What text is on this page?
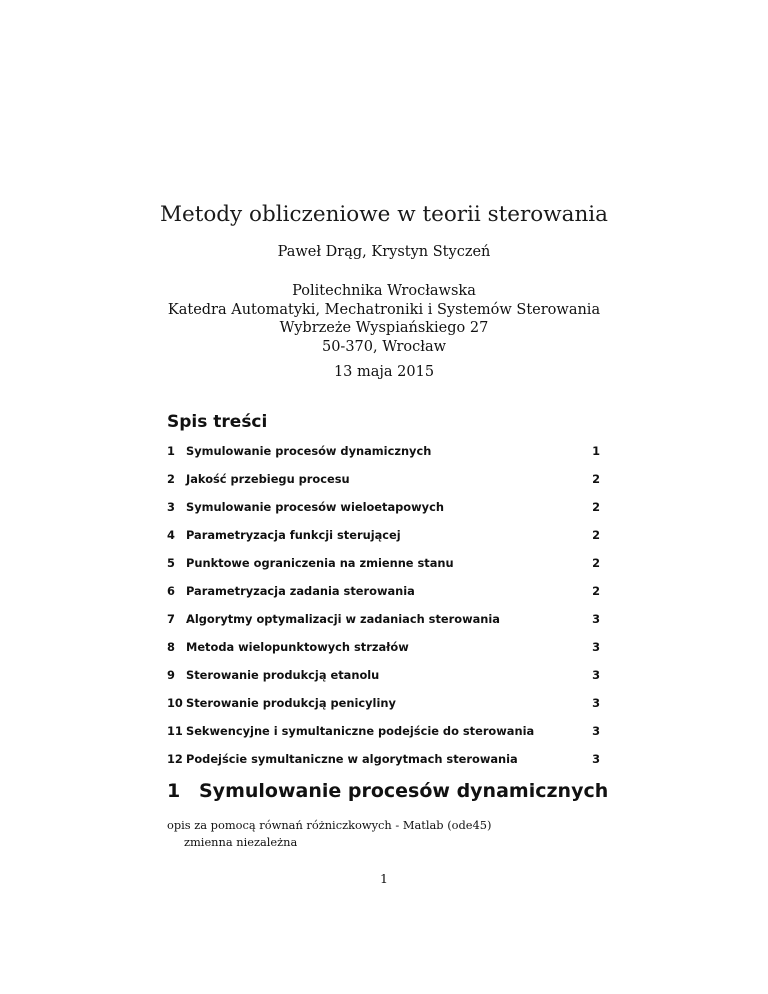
Metody obliczeniowe w teorii sterowania
Paweł Drąg, Krystyn Styczeń
Politechnika Wrocławska
Katedra Automatyki, Mechatroniki i Systemów Sterowania
Wybrzeże Wyspiańskiego 27
50-370, Wrocław
13 maja 2015
Spis treści
1 Symulowanie procesów dynamicznych	1
2 Jakość przebiegu procesu	2
3 Symulowanie procesów wieloetapowych	2
4 Parametryzacja funkcji sterującej	2
5 Punktowe ograniczenia na zmienne stanu	2
6 Parametryzacja zadania sterowania	2
7 Algorytmy optymalizacji w zadaniach sterowania	3
8 Metoda wielopunktowych strzałów	3
9 Sterowanie produkcją etanolu	3
10 Sterowanie produkcją penicyliny	3
11 Sekwencyjne i symultaniczne podejście do sterowania	3
12 Podejście symultaniczne w algorytmach sterowania	3
1 Symulowanie procesów dynamicznych
opis za pomocą równań różniczkowych - Matlab (ode45)
zmienna niezależna
1
